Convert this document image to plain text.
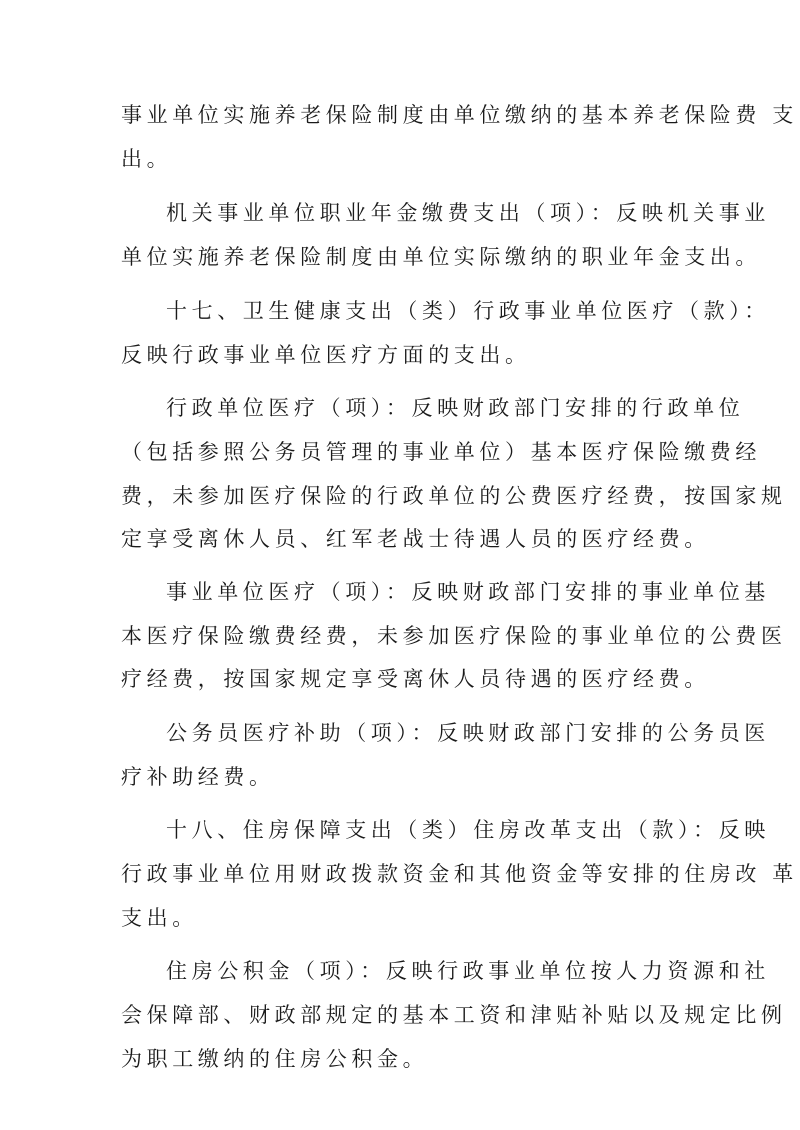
事业单位实施养老保险制度由单位缴纳的基本养老保险费 支
出。
机关事业单位职业年金缴费支出（项）：反映机关事业
单位实施养老保险制度由单位实际缴纳的职业年金支出。
十七、卫生健康支出（类）行政事业单位医疗（款）：
反映行政事业单位医疗方面的支出。
行政单位医疗（项）：反映财政部门安排的行政单位
（包括参照公务员管理的事业单位）基本医疗保险缴费经
费，未参加医疗保险的行政单位的公费医疗经费，按国家规
定享受离休人员、红军老战士待遇人员的医疗经费。
事业单位医疗（项）：反映财政部门安排的事业单位基
本医疗保险缴费经费，未参加医疗保险的事业单位的公费医
疗经费，按国家规定享受离休人员待遇的医疗经费。
公务员医疗补助（项）：反映财政部门安排的公务员医
疗补助经费。
十八、住房保障支出（类）住房改革支出（款）：反映
行政事业单位用财政拨款资金和其他资金等安排的住房改 革
支出。
住房公积金（项）：反映行政事业单位按人力资源和社
会保障部、财政部规定的基本工资和津贴补贴以及规定比例
为职工缴纳的住房公积金。
